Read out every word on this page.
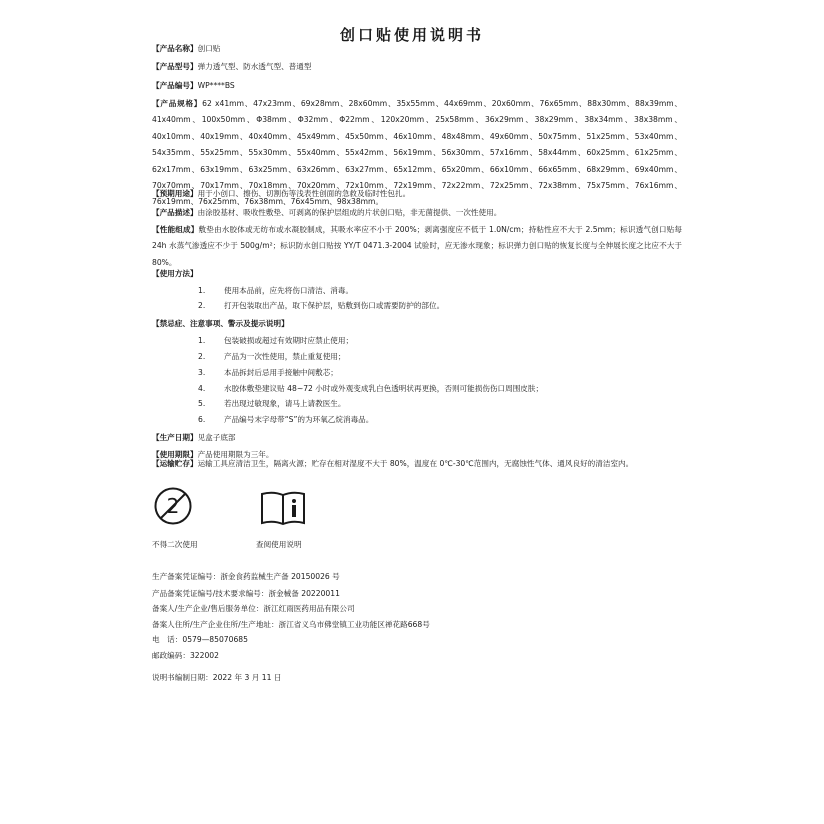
创口贴使用说明书

【产品名称】创口贴

【产品型号】弹力透气型、防水透气型、普通型

【产品编号】WP****BS

【产品规格】62 x41mm、47x23mm、69x28mm、28x60mm、35x55mm、44x69mm、20x60mm、76x65mm、88x30mm、88x39mm、41x40mm、100x50mm、Φ38mm、Φ32mm、Φ22mm、120x20mm、25x58mm、36x29mm、38x29mm、38x34mm、38x38mm、40x10mm、40x19mm、40x40mm、45x49mm、45x50mm、46x10mm、48x48mm、49x60mm、50x75mm、51x25mm、53x40mm、54x35mm、55x25mm、55x30mm、55x40mm、55x42mm、56x19mm、56x30mm、57x16mm、58x44mm、60x25mm、61x25mm、62x17mm、63x19mm、63x25mm、63x26mm、63x27mm、65x12mm、65x20mm、66x10mm、66x65mm、68x29mm、69x40mm、70x70mm、70x17mm、70x18mm、70x20mm、72x10mm、72x19mm、72x22mm、72x25mm、72x38mm、75x75mm、76x16mm、76x19mm、76x25mm、76x38mm、76x45mm、98x38mm。

【预期用途】用于小创口、擦伤、切割伤等浅表性创面的急救及临时性包扎。

【产品描述】由涂胶基材、吸收性敷垫、可剥离的保护层组成的片状创口贴，非无菌提供、一次性使用。

【性能组成】敷垫由水胶体或无纺布或水凝胶制成，其吸水率应不小于 200%；剥离强度应不低于 1.0N/cm；持粘性应不大于 2.5mm；标识透气创口贴每 24h 水蒸气渗透应不少于 500g/m²；标识防水创口贴按 YY/T 0471.3-2004 试验时，应无渗水现象；标识弹力创口贴的恢复长度与全伸展长度之比应不大于 80%。

【使用方法】

1. 使用本品前，应先将伤口清洁、消毒。

2. 打开包装取出产品，取下保护层，贴敷到伤口或需要防护的部位。

【禁忌症、注意事项、警示及提示说明】

1. 包装破损或超过有效期时应禁止使用；

2. 产品为一次性使用，禁止重复使用；

3. 本品拆封后忌用手接触中间敷芯；

4. 水胶体敷垫建议贴 48~72 小时或外观变成乳白色透明状再更换，否则可能损伤伤口周围皮肤；

5. 若出现过敏现象，请马上请教医生。

6. 产品编号末字母带“S”的为环氧乙烷消毒品。

【生产日期】见盒子底部

【使用期限】产品使用期限为三年。

【运输贮存】运输工具应清洁卫生，隔离火源；贮存在相对湿度不大于 80%，温度在 0℃-30℃范围内，无腐蚀性气体、通风良好的清洁室内。

2
不得二次使用	查阅使用说明

生产备案凭证编号：浙金食药监械生产备 20150026 号

产品备案凭证编号/技术要求编号：浙金械备 20220011

备案人/生产企业/售后服务单位：浙江红雨医药用品有限公司

备案人住所/生产企业住所/生产地址：浙江省义乌市佛堂镇工业功能区禅花路668号

电　话：0579—85070685

邮政编码：322002

说明书编制日期：2022 年 3 月 11 日
